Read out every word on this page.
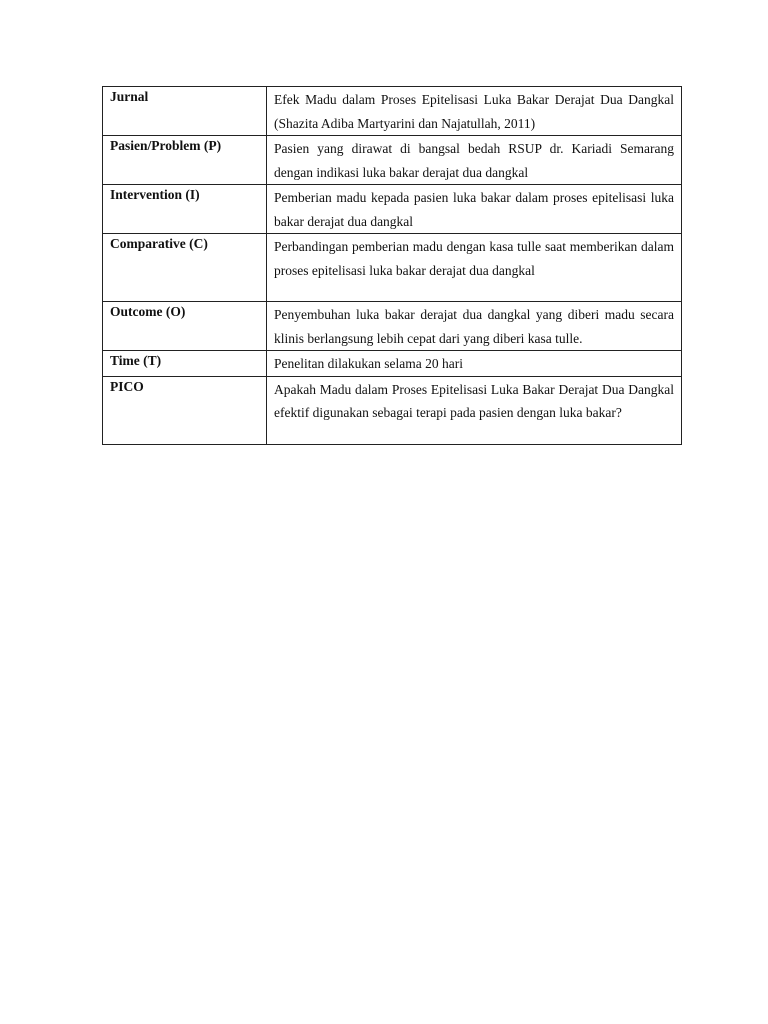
Jurnal	Efek Madu dalam Proses Epitelisasi Luka Bakar Derajat Dua Dangkal (Shazita Adiba Martyarini dan Najatullah, 2011)
Pasien/Problem (P)	Pasien yang dirawat di bangsal bedah RSUP dr. Kariadi Semarang dengan indikasi luka bakar derajat dua dangkal
Intervention (I)	Pemberian madu kepada pasien luka bakar dalam proses epitelisasi luka bakar derajat dua dangkal
Comparative (C)	Perbandingan pemberian madu dengan kasa tulle saat memberikan dalam proses epitelisasi luka bakar derajat dua dangkal
Outcome (O)	Penyembuhan luka bakar derajat dua dangkal yang diberi madu secara klinis berlangsung lebih cepat dari yang diberi kasa tulle.
Time (T)	Penelitan dilakukan selama 20 hari
PICO	Apakah Madu dalam Proses Epitelisasi Luka Bakar Derajat Dua Dangkal efektif digunakan sebagai terapi pada pasien dengan luka bakar?
